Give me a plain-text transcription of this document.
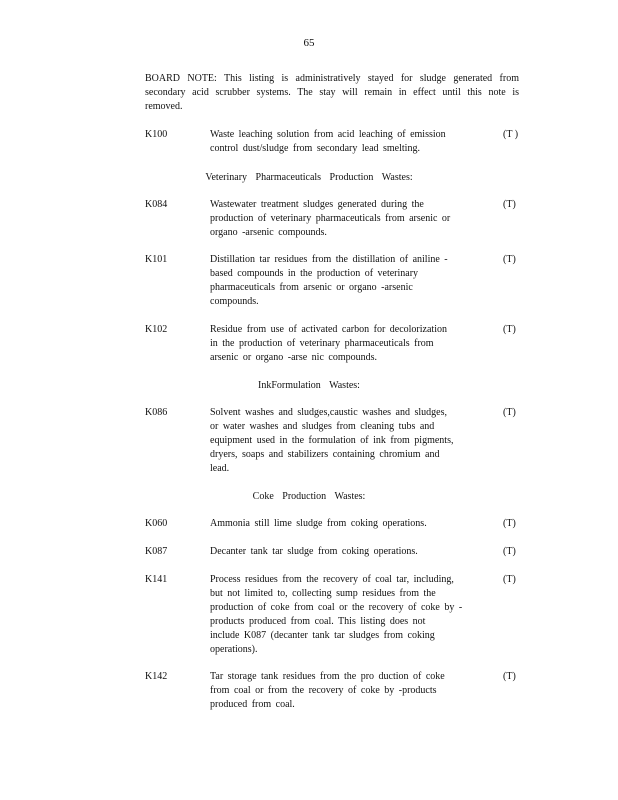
65
BOARD NOTE: This listing is administratively stayed for sludge generated from secondary acid scrubber systems. The stay will remain in effect until this note is removed.
K100	Waste leaching solution from acid leaching of emission
control dust/sludge from secondary lead smelting.
(T )
Veterinary Pharmaceuticals Production Wastes:
K084	Wastewater treatment sludges generated during the
production of veterinary pharmaceuticals from arsenic or
organo -arsenic compounds.
(T)
K101	Distillation tar residues from the distillation of aniline -
based compounds in the production of veterinary
pharmaceuticals from arsenic or organo -arsenic
compounds.
(T)
K102	Residue from use of activated carbon for decolorization
in the production of veterinary pharmaceuticals from
arsenic or organo -arse nic compounds.
(T)
InkFormulation Wastes:
K086	Solvent washes and sludges,caustic washes and sludges,
or water washes and sludges from cleaning tubs and
equipment used in the formulation of ink from pigments,
dryers, soaps and stabilizers containing chromium and
lead.
(T)
Coke Production Wastes:
K060	Ammonia still lime sludge from coking operations.	(T)
K087	Decanter tank tar sludge from coking operations.	(T)
K141	Process residues from the recovery of coal tar, including,
but not limited to, collecting sump residues from the
production of coke from coal or the recovery of coke by -
products produced from coal. This listing does not
include K087 (decanter tank tar sludges from coking
operations).
(T)
K142	Tar storage tank residues from the pro duction of coke
from coal or from the recovery of coke by -products
produced from coal.
(T)
